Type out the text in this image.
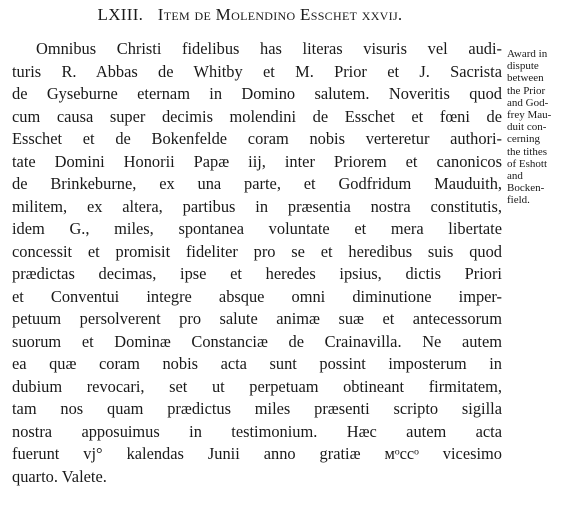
LXIII. Item de Molendino Esschet xxvij.
Omnibus Christi fidelibus has literas visuris vel audi-
turis R. Abbas de Whitby et M. Prior et J. Sacrista
de Gyseburne eternam in Domino salutem. Noveritis quod
cum causa super decimis molendini de Esschet et fœni de
Esschet et de Bokenfelde coram nobis verteretur authori-
tate Domini Honorii Papæ iij, inter Priorem et canonicos
de Brinkeburne, ex una parte, et Godfridum Mauduith,
militem, ex altera, partibus in præsentia nostra constitutis,
idem G., miles, spontanea voluntate et mera libertate
concessit et promisit fideliter pro se et heredibus suis quod
prædictas decimas, ipse et heredes ipsius, dictis Priori
et Conventui integre absque omni diminutione imper-
petuum persolverent pro salute animæ suæ et antecessorum
suorum et Dominæ Constanciæ de Crainavilla. Ne autem
ea quæ coram nobis acta sunt possint imposterum in
dubium revocari, set ut perpetuam obtineant firmitatem,
tam nos quam prædictus miles præsenti scripto sigilla
nostra apposuimus in testimonium. Hæc autem acta
fuerunt vj° kalendas Junii anno gratiæ ᴍᵒccᵒ vicesimo
quarto. Valete.
Award in
dispute
between
the Prior
and God-
frey Mau-
duit con-
cerning
the tithes
of Eshott
and
Bocken-
field.
